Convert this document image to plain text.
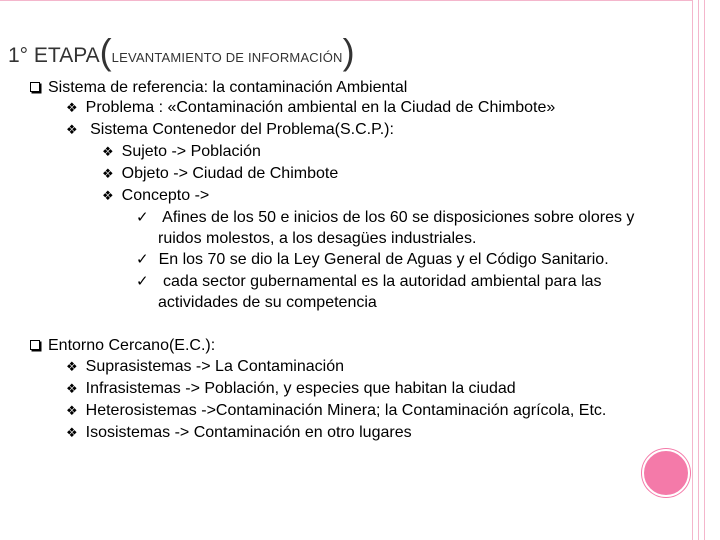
1° ETAPA(LEVANTAMIENTO DE INFORMACIÓN)
Sistema de referencia: la contaminación Ambiental
❖ Problema : «Contaminación ambiental en la Ciudad de Chimbote»
❖ Sistema Contenedor del Problema(S.C.P.):
❖ Sujeto -> Población
❖ Objeto -> Ciudad de Chimbote
❖ Concepto ->
✓ Afines de los 50 e inicios de los 60 se disposiciones sobre olores y
ruidos molestos, a los desagües industriales.
✓ En los 70 se dio la Ley General de Aguas y el Código Sanitario.
✓ cada sector gubernamental es la autoridad ambiental para las
actividades de su competencia
Entorno Cercano(E.C.):
❖ Suprasistemas -> La Contaminación
❖ Infrasistemas -> Población, y especies que habitan la ciudad
❖ Heterosistemas ->Contaminación Minera; la Contaminación agrícola, Etc.
❖ Isosistemas -> Contaminación en otro lugares
